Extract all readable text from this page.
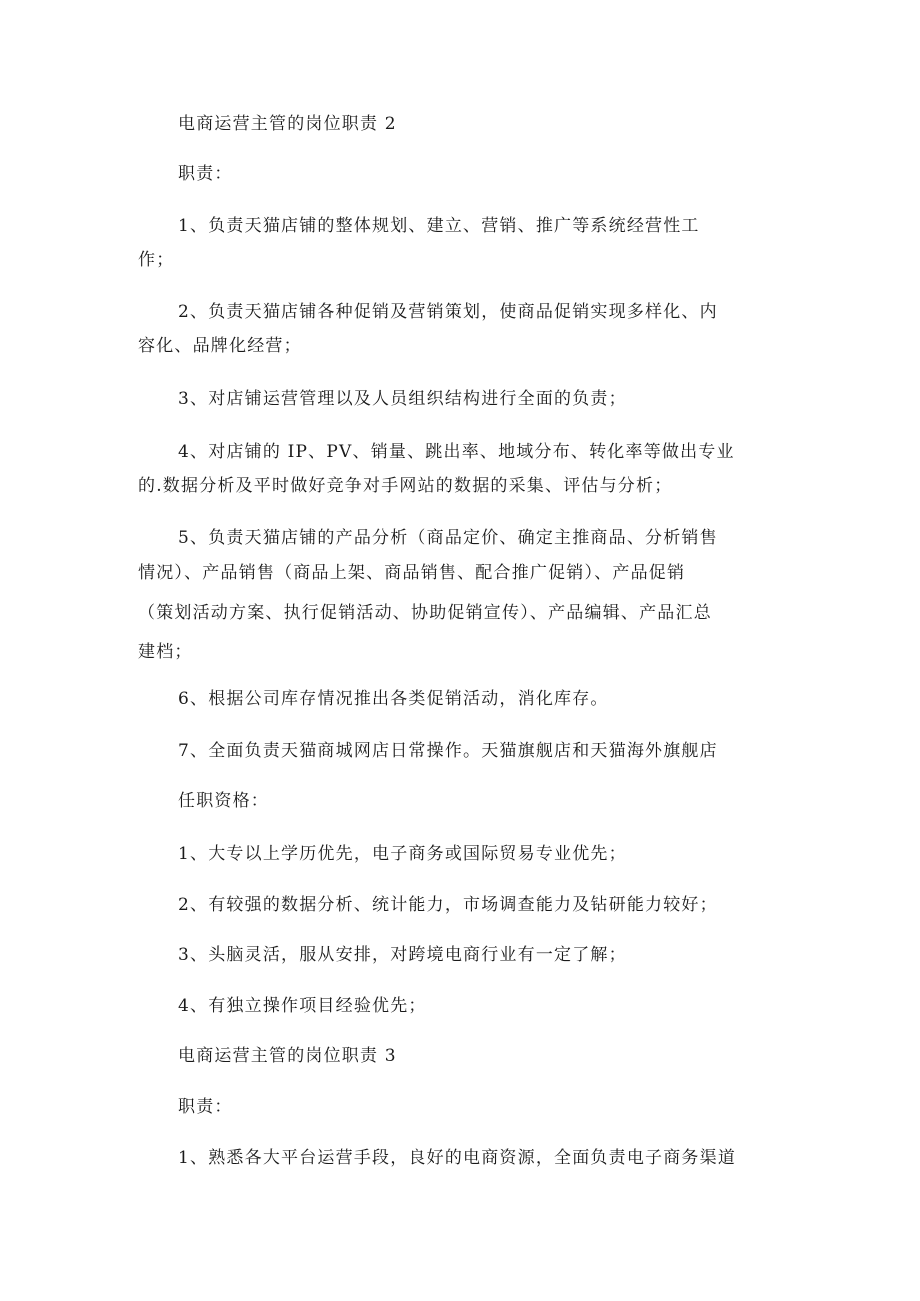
电商运营主管的岗位职责 2
职责：
1、负责天猫店铺的整体规划、建立、营销、推广等系统经营性工
作；
2、负责天猫店铺各种促销及营销策划，使商品促销实现多样化、内
容化、品牌化经营；
3、对店铺运营管理以及人员组织结构进行全面的负责；
4、对店铺的 IP、PV、销量、跳出率、地域分布、转化率等做出专业
的.数据分析及平时做好竞争对手网站的数据的采集、评估与分析；
5、负责天猫店铺的产品分析（商品定价、确定主推商品、分析销售
情况）、产品销售（商品上架、商品销售、配合推广促销）、产品促销
（策划活动方案、执行促销活动、协助促销宣传）、产品编辑、产品汇总
建档；
6、根据公司库存情况推出各类促销活动，消化库存。
7、全面负责天猫商城网店日常操作。天猫旗舰店和天猫海外旗舰店
任职资格：
1、大专以上学历优先，电子商务或国际贸易专业优先；
2、有较强的数据分析、统计能力，市场调查能力及钻研能力较好；
3、头脑灵活，服从安排，对跨境电商行业有一定了解；
4、有独立操作项目经验优先；
电商运营主管的岗位职责 3
职责：
1、熟悉各大平台运营手段，良好的电商资源，全面负责电子商务渠道
